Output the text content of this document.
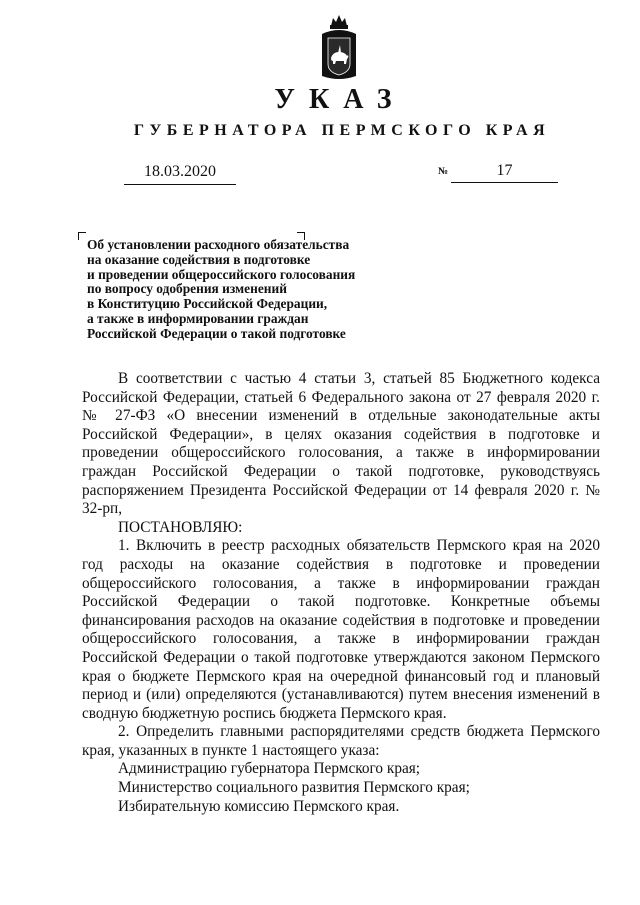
УКАЗ
ГУБЕРНАТОРА ПЕРМСКОГО КРАЯ
18.03.2020	№	17
Об установлении расходного обязательства
на оказание содействия в подготовке
и проведении общероссийского голосования
по вопросу одобрения изменений
в Конституцию Российской Федерации,
а также в информировании граждан
Российской Федерации о такой подготовке

В соответствии с частью 4 статьи 3, статьей 85 Бюджетного кодекса Российской Федерации, статьей 6 Федерального закона от 27 февраля 2020 г. № 27-ФЗ «О внесении изменений в отдельные законодательные акты Российской Федерации», в целях оказания содействия в подготовке и проведении общероссийского голосования, а также в информировании граждан Российской Федерации о такой подготовке, руководствуясь распоряжением Президента Российской Федерации от 14 февраля 2020 г. № 32-рп,

ПОСТАНОВЛЯЮ:

1. Включить в реестр расходных обязательств Пермского края на 2020 год расходы на оказание содействия в подготовке и проведении общероссийского голосования, а также в информировании граждан Российской Федерации о такой подготовке. Конкретные объемы финансирования расходов на оказание содействия в подготовке и проведении общероссийского голосования, а также в информировании граждан Российской Федерации о такой подготовке утверждаются законом Пермского края о бюджете Пермского края на очередной финансовый год и плановый период и (или) определяются (устанавливаются) путем внесения изменений в сводную бюджетную роспись бюджета Пермского края.

2. Определить главными распорядителями средств бюджета Пермского края, указанных в пункте 1 настоящего указа:

Администрацию губернатора Пермского края;

Министерство социального развития Пермского края;

Избирательную комиссию Пермского края.
